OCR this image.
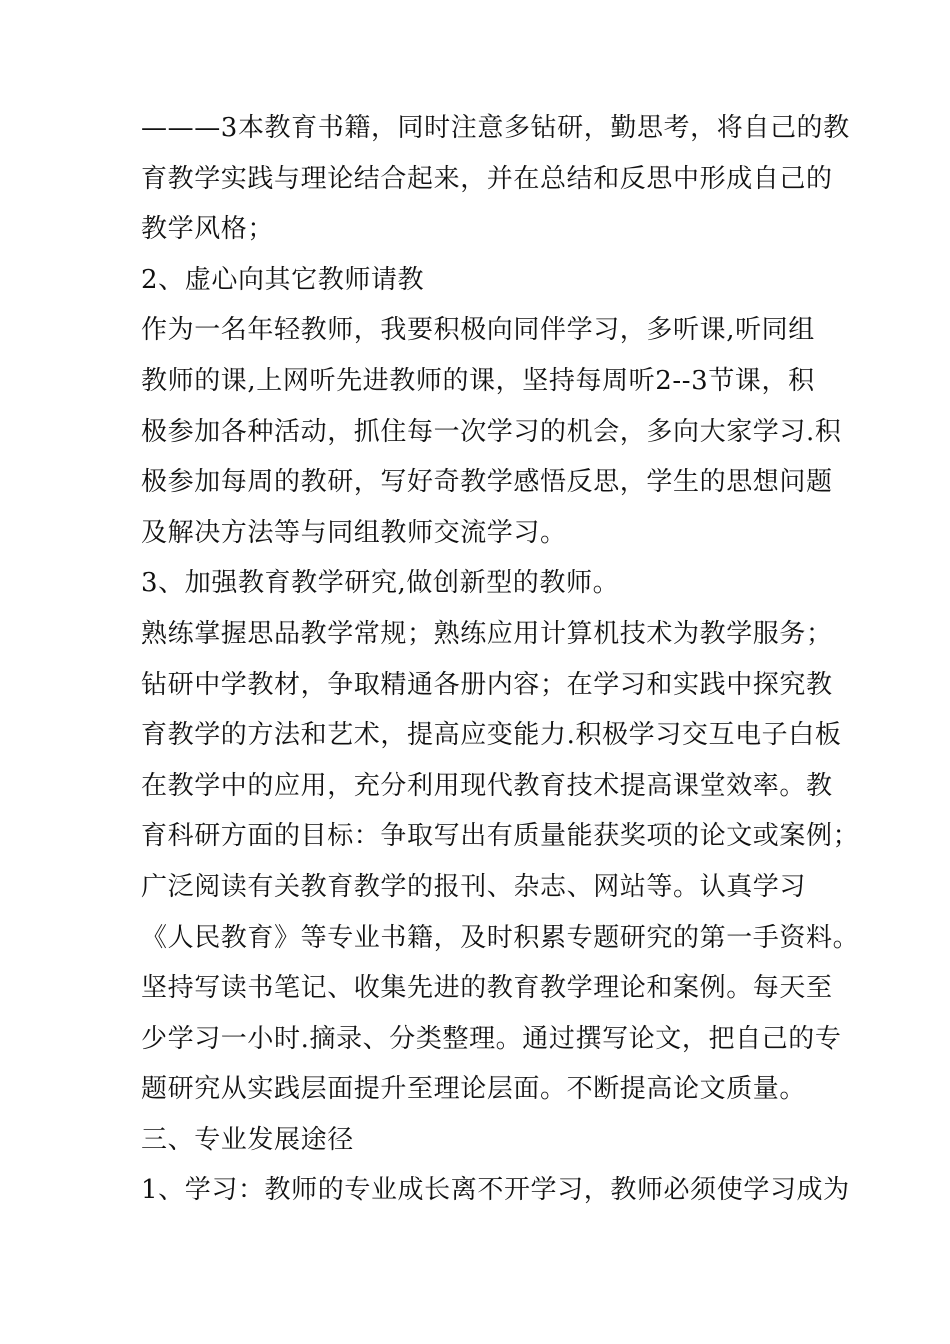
———3本教育书籍，同时注意多钻研，勤思考，将自己的教
育教学实践与理论结合起来，并在总结和反思中形成自己的
教学风格；
2、虚心向其它教师请教
作为一名年轻教师，我要积极向同伴学习，多听课,听同组
教师的课,上网听先进教师的课，坚持每周听2--3节课，积
极参加各种活动，抓住每一次学习的机会，多向大家学习.积
极参加每周的教研，写好奇教学感悟反思，学生的思想问题
及解决方法等与同组教师交流学习。
3、加强教育教学研究,做创新型的教师。
熟练掌握思品教学常规；熟练应用计算机技术为教学服务；
钻研中学教材，争取精通各册内容；在学习和实践中探究教
育教学的方法和艺术，提高应变能力.积极学习交互电子白板
在教学中的应用，充分利用现代教育技术提高课堂效率。教
育科研方面的目标：争取写出有质量能获奖项的论文或案例；
广泛阅读有关教育教学的报刊、杂志、网站等。认真学习
《人民教育》等专业书籍，及时积累专题研究的第一手资料。
坚持写读书笔记、收集先进的教育教学理论和案例。每天至
少学习一小时.摘录、分类整理。通过撰写论文，把自己的专
题研究从实践层面提升至理论层面。不断提高论文质量。
三、专业发展途径
1、学习：教师的专业成长离不开学习，教师必须使学习成为
